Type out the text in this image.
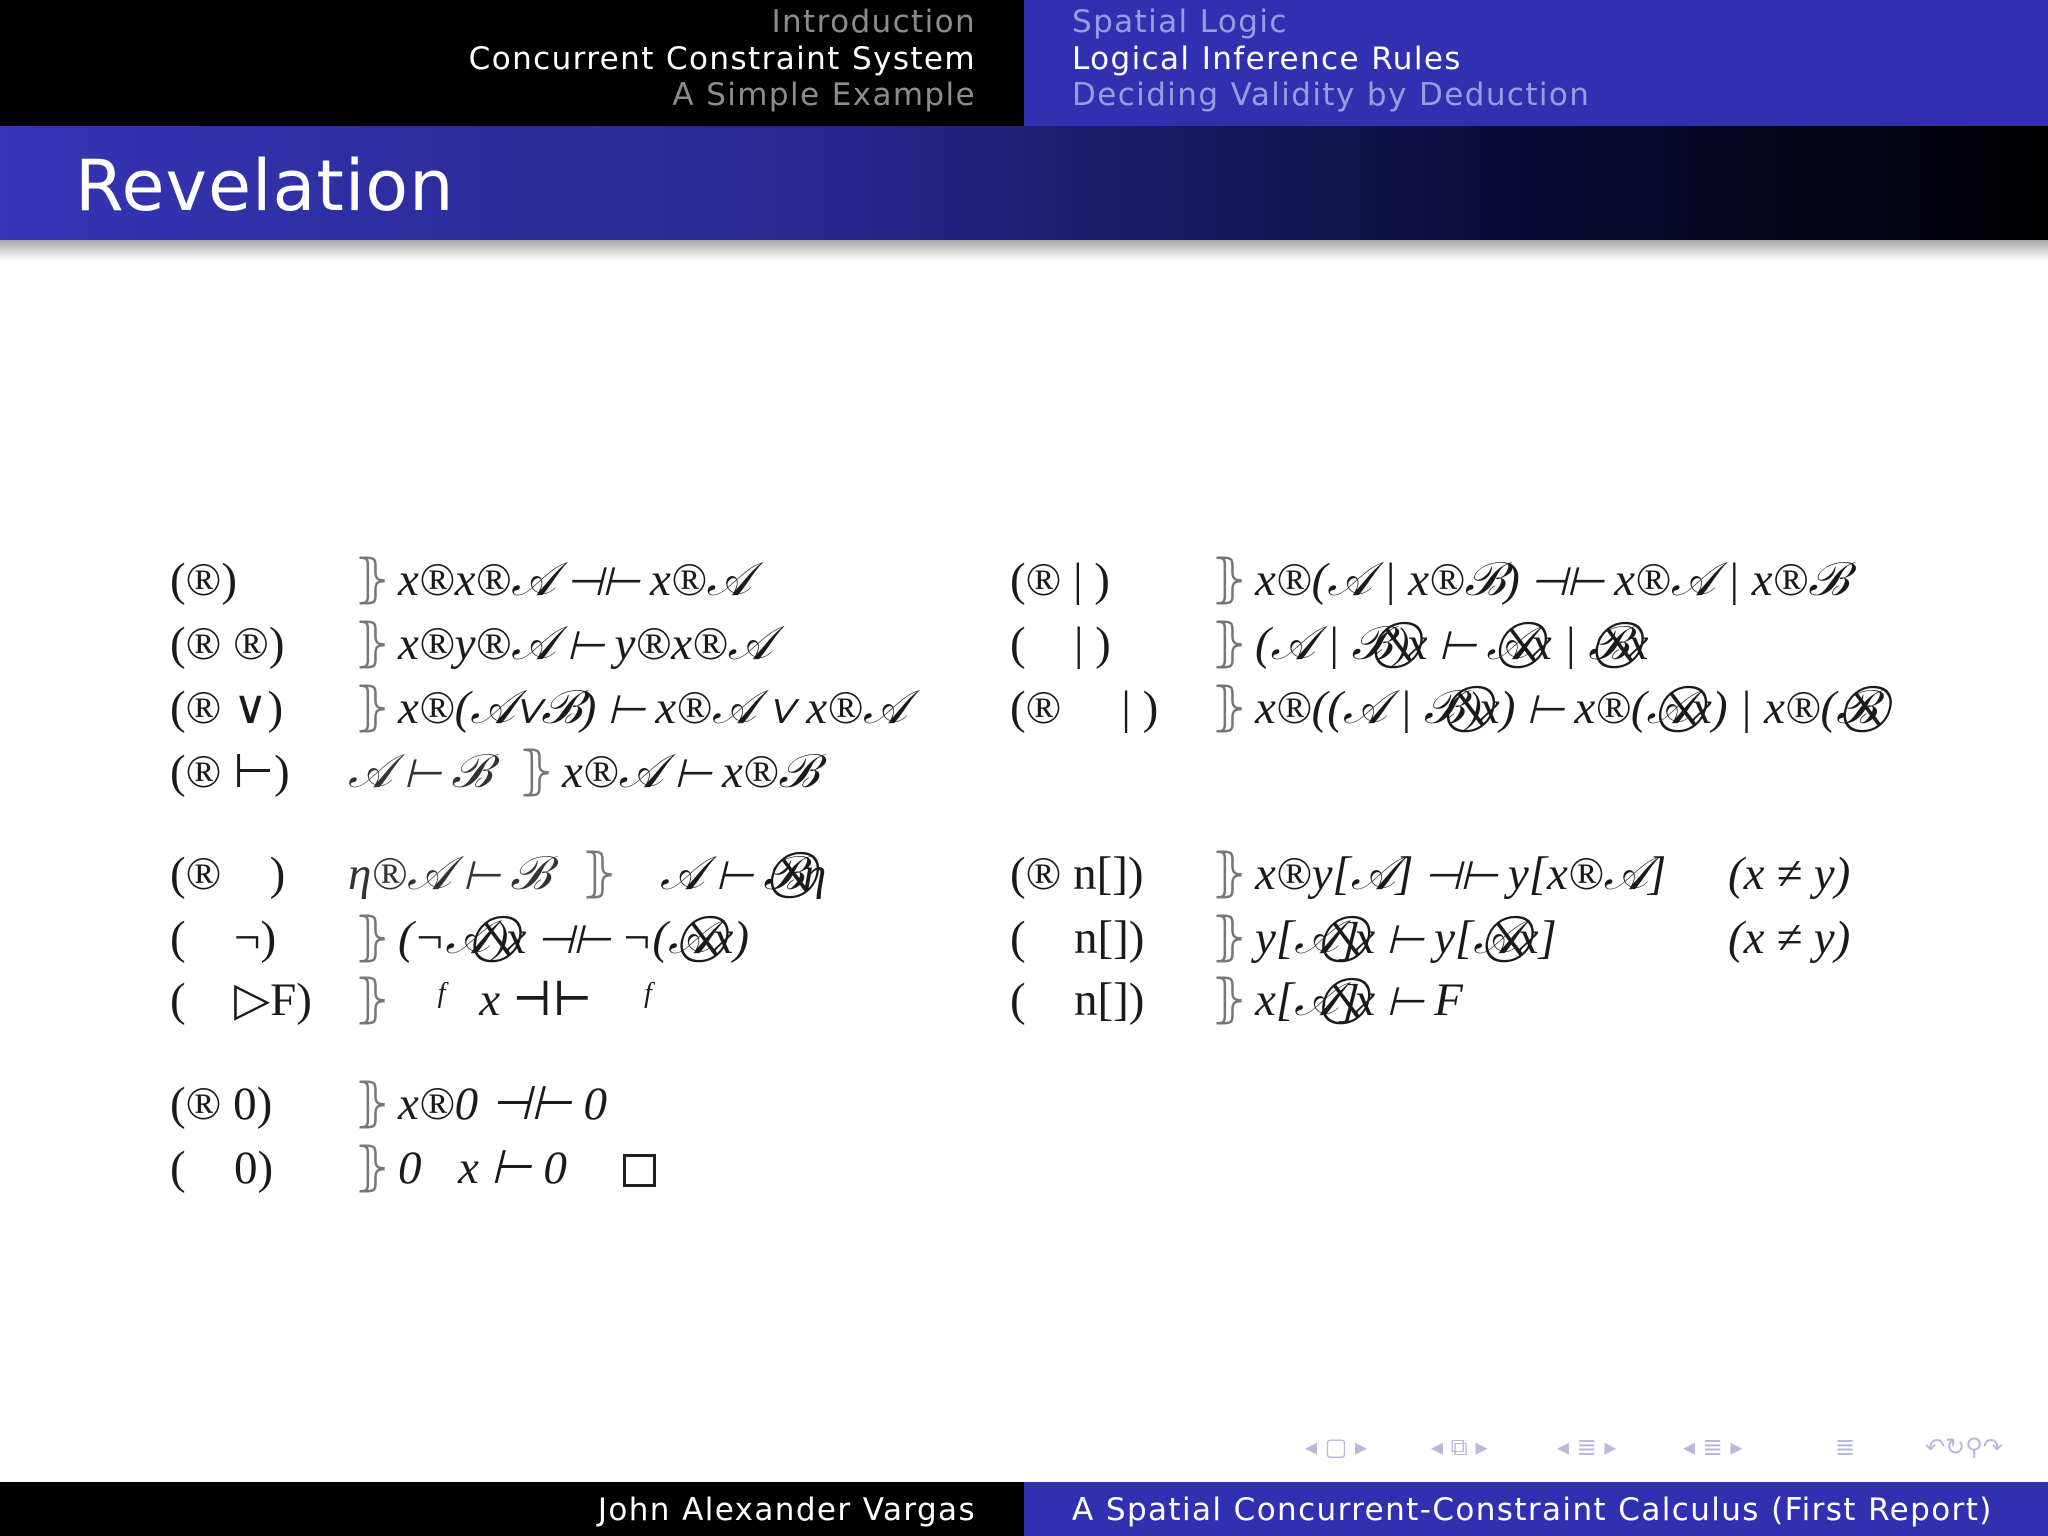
Introduction
Concurrent Constraint System
A Simple Example
Spatial Logic
Logical Inference Rules
Deciding Validity by Deduction
Revelation
(®) ⦄ x®x®𝒜 ⊣⊢ x®𝒜
(® ®) ⦄ x®y®𝒜 ⊢ y®x®𝒜
(® ∨) ⦄ x®(𝒜∨ℬ) ⊢ x®𝒜 ∨ x®𝒜
(® ⊢) 𝒜 ⊢ ℬ ⦄ x®𝒜 ⊢ x®ℬ
(® ⃠) η®𝒜 ⊢ ℬ ⦄ 𝒜 ⊢ ℬ⃠η
(⃠ ¬) ⦄ (¬𝒜)⃠x ⊣⊢ ¬(𝒜⃠x)
(⃠ ▷F) ⦄ 𝒜ᶠ⃠x ⊣⊢ 𝒜ᶠ
(® 0) ⦄ x®0 ⊣⊢ 0
(⃠ 0) ⦄ 0⃠x ⊢ 0
(® | ) ⦄ x®(𝒜 | x®ℬ) ⊣⊢ x®𝒜 | x®ℬ
(⃠ | ) ⦄ (𝒜 | ℬ)⃠x ⊢ 𝒜⃠x | ℬ⃠x
(® ⃠ | ) ⦄ x®((𝒜 | ℬ)⃠x) ⊢ x®(𝒜⃠x) | x®(ℬ⃠
(® n[]) ⦄ x®y[𝒜] ⊣⊢ y[x®𝒜] (x ≠ y)
(⃠ n[]) ⦄ y[𝒜]⃠x ⊢ y[𝒜⃠x]	(x ≠ y)
(⃠ n[]) ⦄ x[𝒜]⃠x ⊢ F
◂ ▢ ▸	◂ ⧉ ▸	◂ ≣ ▸	◂ ≣ ▸	≣	↶↻⚲↷
John Alexander Vargas	A Spatial Concurrent-Constraint Calculus (First Report)
